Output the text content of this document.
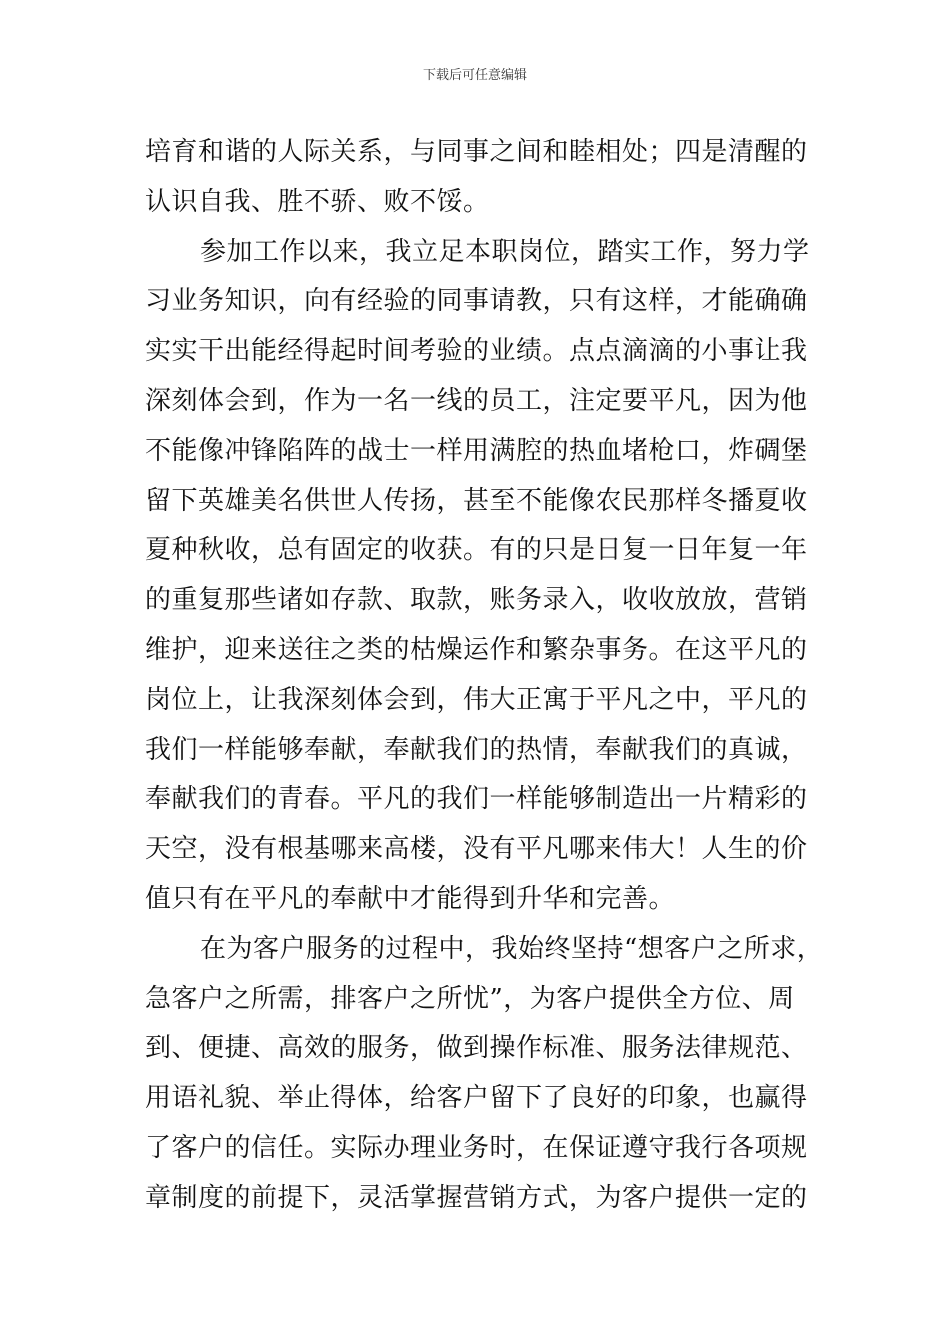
下载后可任意编辑

培育和谐的人际关系，与同事之间和睦相处；四是清醒的
认识自我、胜不骄、败不馁。

参加工作以来，我立足本职岗位，踏实工作，努力学
习业务知识，向有经验的同事请教，只有这样，才能确确
实实干出能经得起时间考验的业绩。点点滴滴的小事让我
深刻体会到，作为一名一线的员工，注定要平凡，因为他
不能像冲锋陷阵的战士一样用满腔的热血堵枪口，炸碉堡
留下英雄美名供世人传扬，甚至不能像农民那样冬播夏收
夏种秋收，总有固定的收获。有的只是日复一日年复一年
的重复那些诸如存款、取款，账务录入，收收放放，营销
维护，迎来送往之类的枯燥运作和繁杂事务。在这平凡的
岗位上，让我深刻体会到，伟大正寓于平凡之中，平凡的
我们一样能够奉献，奉献我们的热情，奉献我们的真诚，
奉献我们的青春。平凡的我们一样能够制造出一片精彩的
天空，没有根基哪来高楼，没有平凡哪来伟大！人生的价
值只有在平凡的奉献中才能得到升华和完善。

在为客户服务的过程中，我始终坚持“想客户之所求，
急客户之所需，排客户之所忧”，为客户提供全方位、周
到、便捷、高效的服务，做到操作标准、服务法律规范、
用语礼貌、举止得体，给客户留下了良好的印象，也赢得
了客户的信任。实际办理业务时，在保证遵守我行各项规
章制度的前提下，灵活掌握营销方式，为客户提供一定的
